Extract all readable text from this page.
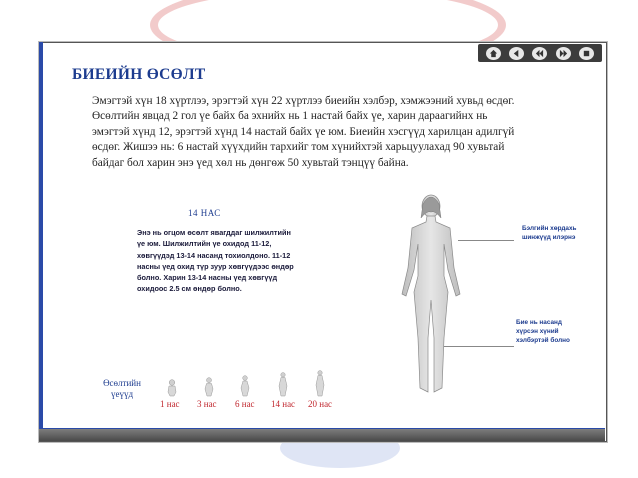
БИЕИЙН ӨСӨЛТ
Эмэгтэй хүн 18 хүртлээ, эрэгтэй хүн 22 хүртлээ биеийн хэлбэр, хэмжээний хувьд өсдөг. Өсөлтийн явцад 2 гол үе байх ба эхнийх нь 1 настай байх үе, харин дараагийнх нь эмэгтэй хүнд 12, эрэгтэй хүнд 14 настай байх үе юм. Биеийн хэсгүүд харилцан адилгүй өсдөг. Жишээ нь: 6 настай хүүхдийн тархийг том хүнийхтэй харьцуулахад 90 хувьтай байдаг бол харин энэ үед хөл нь дөнгөж 50 хувьтай тэнцүү байна.
14 НАС
Энэ нь огцом өсөлт явагддаг шилжилтийн үе юм. Шилжилтийн үе охидод 11-12, хөвгүүдэд 13-14 насанд тохиолдоно. 11-12 насны үед охид түр зуур хөвгүүдээс өндөр болно. Харин 13-14 насны үед хөвгүүд охидоос 2.5 см өндөр болно.
Бэлгийн хөрдахь шинжүүд илэрнэ
Бие нь насанд хүрсэн хүний хэлбэртэй болно
Өсөлтийн үеүүд
1 нас 3 нас 6 нас 14 нас 20 нас
